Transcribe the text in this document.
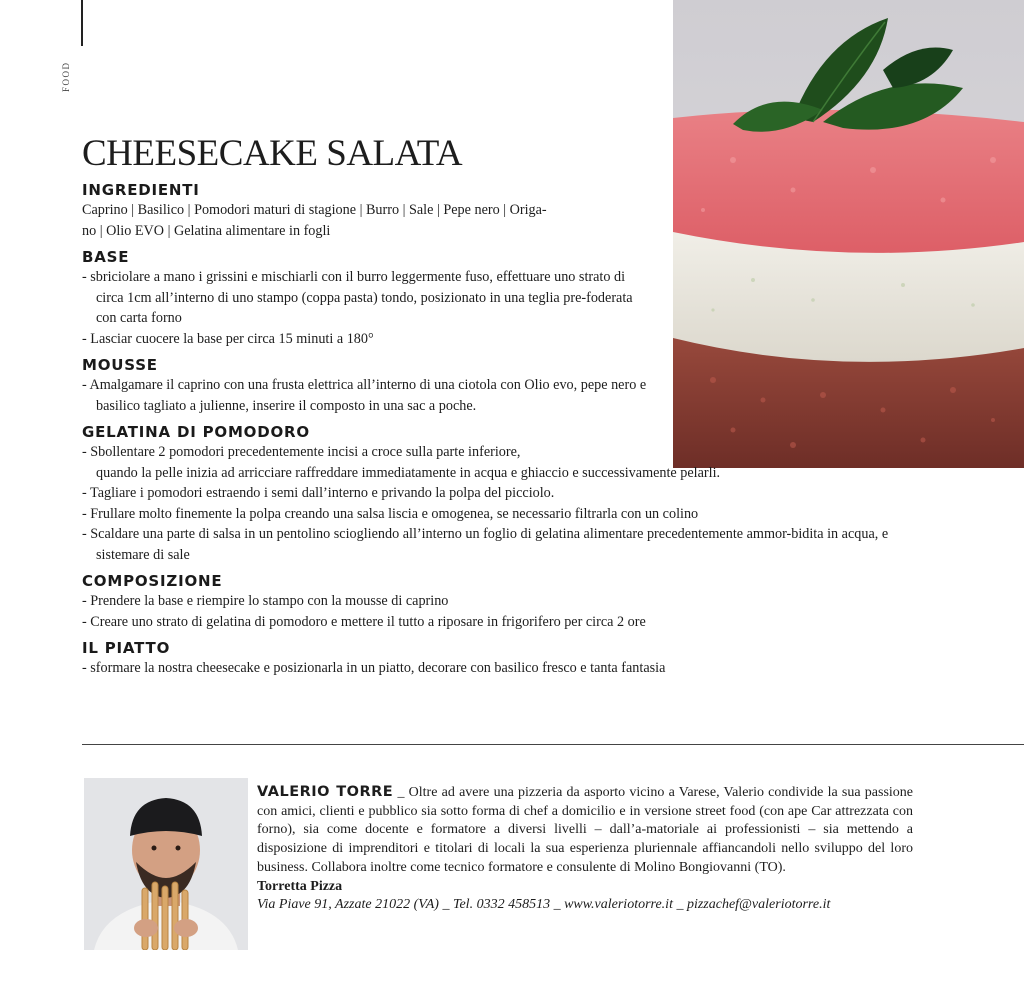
FOOD
CHEESECAKE SALATA
INGREDIENTI

Caprino | Basilico | Pomodori maturi di stagione | Burro | Sale | Pepe nero | Origa-
no | Olio EVO | Gelatina alimentare in fogli

BASE
- sbriciolare a mano i grissini e mischiarli con il burro leggermente fuso, effettuare uno strato di circa 1cm all’interno di uno stampo (coppa pasta) tondo, posizionato in una teglia pre-foderata con carta forno
- Lasciar cuocere la base per circa 15 minuti a 180°
MOUSSE
- Amalgamare il caprino con una frusta elettrica all’interno di una ciotola con Olio evo, pepe nero e basilico tagliato a julienne, inserire il composto in una sac a poche.
GELATINA DI POMODORO
- Sbollentare 2 pomodori precedentemente incisi a croce sulla parte inferiore,
quando la pelle inizia ad arricciare raffreddare immediatamente in acqua e ghiaccio e successivamente pelarli.
- Tagliare i pomodori estraendo i semi dall’interno e privando la polpa del picciolo.
- Frullare molto finemente la polpa creando una salsa liscia e omogenea, se necessario filtrarla con un colino
- Scaldare una parte di salsa in un pentolino sciogliendo all’interno un foglio di gelatina alimentare precedentemente ammor-bidita in acqua, e sistemare di sale
COMPOSIZIONE
- Prendere la base e riempire lo stampo con la mousse di caprino
- Creare uno strato di gelatina di pomodoro e mettere il tutto a riposare in frigorifero per circa 2 ore
IL PIATTO

- sformare la nostra cheesecake e posizionarla in un piatto, decorare con basilico fresco e tanta fantasia

VALERIO TORRE _ Oltre ad avere una pizzeria da asporto vicino a Varese, Valerio condivide la sua passione con amici, clienti e pubblico sia sotto forma di chef a domicilio e in versione street food (con ape Car attrezzata con forno), sia come docente e formatore a diversi livelli – dall’a-matoriale ai professionisti – sia mettendo a disposizione di imprenditori e titolari di locali la sua esperienza pluriennale affiancandoli nello sviluppo del loro business. Collabora inoltre come tecnico formatore e consulente di Molino Bongiovanni (TO).
Torretta Pizza
Via Piave 91, Azzate 21022 (VA) _ Tel. 0332 458513 _ www.valeriotorre.it _ pizzachef@valeriotorre.it
